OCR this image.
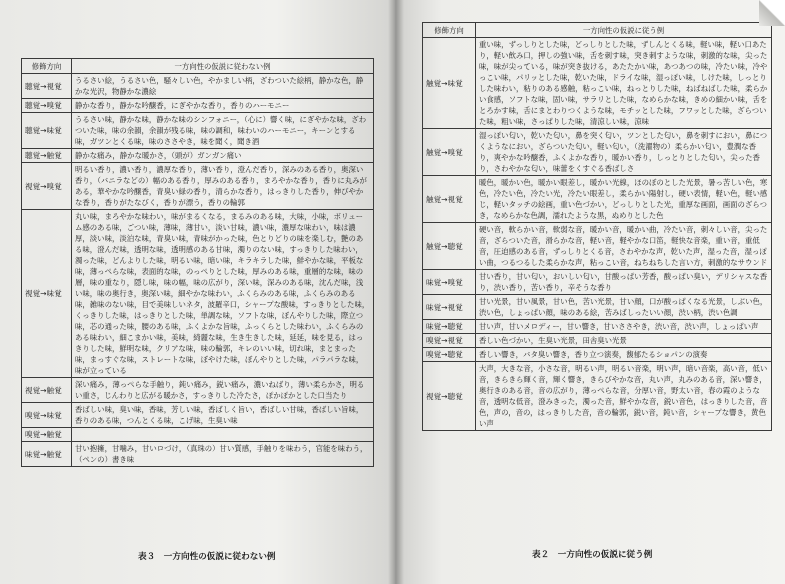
修飾方向	一方向性の仮説に従わない例
聴覚→視覚	うるさい絵，うるさい色，騒々しい色，やかましい柄，ざわついた絵柄，静かな色，静かな光沢，物静かな濃絵
聴覚→嗅覚	静かな香り，静かな吟醸香，にぎやかな香り，香りのハーモニー
聴覚→味覚	うるさい味，静かな味，静かな味のシンフォニー，（心に）響く味，にぎやかな味，ざわついた味，味の余韻，余韻が残る味，味の調和，味わいのハーモニー，キーンとする味，ガツンとくる味，味のささやき，味を聞く，聞き酒
聴覚→触覚	静かな痛み，静かな暖かさ，（頭が）ガンガン痛い
視覚→嗅覚	明るい香り，濃い香り，濃厚な香り，薄い香り，澄んだ香り，深みのある香り，奥深い香り，（バニラなどの）幅のある香り，厚みのある香り，まろやかな香り，香りに丸みがある，華やかな吟醸香，青臭い緑の香り，清らかな香り，はっきりした香り，伸びやかな香り，香りがたなびく，香りが漂う，香りの輪郭
視覚→味覚	丸い味，まろやかな味わい，味がまるくなる，まるみのある味，大味，小味，ボリューム感のある味，ごつい味，薄味，薄甘い，淡い甘味，濃い味，濃厚な味わい，味は濃厚，淡い味，淡泊な味，青臭い味，青味がかった味，色とりどりの味を楽しむ，艶のある味，澄んだ味，透明な味，透明感のある甘味，濁りのない味，すっきりした味わい，濁った味，どんよりした味，明るい味，暗い味，キラキラした味，鮮やかな味，平板な味，薄っぺらな味，表面的な味，のっぺりとした味，厚みのある味，重層的な味，味の層，味の重なり，隠し味，味の幅，味の広がり，深い味，深みのある味，沈んだ味，浅い味，味の奥行き，奥深い味，細やかな味わい，ふくらみのある味，ふくらみのある味，雑味のない味，目で美味しいネタ，波羅辛口，シャープな酸味，すっきりとした味，くっきりした味，はっきりとした味，単調な味，ソフトな味，ぼんやりした味，際立つ味，芯の通った味，腰のある味，ふくよかな旨味，ふっくらとした味わい，ふくらみのある味わい，細こまかい味，美味，綺麗な味，生き生きした味，延延，味を見る，はっきりした味，鮮明な味，クリアな味，味の輪郭，キレのいい味，切れ味，まとまった味，まっすぐな味，ストレートな味，ぼやけた味，ぼんやりとした味，パラパラな味，味が立っている
視覚→触覚	深い痛み，薄っぺらな手触り，鈍い痛み，鋭い痛み，濃いねばり，薄い柔らかさ，明るい重さ，じんわりと広がる暖かさ，すっきりした冷たさ，ぽかぽかとした口当たり
嗅覚→味覚	香ばしい味，臭い味，香味，芳しい味，香ばしく旨い，香ばしい甘味，香ばしい旨味，香りのある味，つんとくる味，こげ味，生臭い味
嗅覚→触覚	
味覚→触覚	甘い抱擁，甘噛み，甘いロづけ，（真珠の）甘い質感，手触りを味わう，官能を味わう，（ペンの）書き味
表３　一方向性の仮説に従わない例
修飾方向	一方向性の仮説に従う例
触覚→味覚	重い味，ずっしりとした味，どっしりとした味，ずしんとくる味，軽い味，軽い口あたり，軽い飲み口，押しの強い味，舌を刺す味，突き刺すような味，刺激的な味，尖った味，味が尖っている，味が突き抜ける，あたたかい味，あつあつの味，冷たい味，冷やっこい味，パリッとした味，乾いた味，ドライな味，湿っぽい味，しけた味，しっとりした味わい，粘りのある感触，粘っこい味，ねっとりした味，ねばねばした味，柔らかい食感，ソフトな味，固い味，サラリとした味，なめらかな味，きめの細かい味，舌をとろかす味，舌にまとわりつくような味，モチッとした味，フワッとした味，ざらついた味，粗い味，さっぱりした味，清涼しい味，涼味
触覚→嗅覚	湿っぽい匂い，乾いた匂い，鼻を突く匂い，ツンとした匂い，鼻を刺すにおい，鼻につくようなにおい，ざらついた匂い，軽い匂い，（洗濯物の）柔らかい匂い，豊潤な香り，爽やかな吟醸香，ふくよかな香り，暖かい香り，しっとりとした匂い，尖った香り，さわやかな匂い，味蕾をくすぐる香ばしさ
触覚→視覚	暖色，暖かい色，暖かい眼差し，暖かい光線，ほのぼのとした光景，暑っ苦しい色，寒色，冷たい色，冷たい光，冷たい眼差し，柔らかい陽射し，硬い表情，軽い色，軽い感じ，軽いタッチの絵画，重い色づかい，どっしりとした光，重厚な画面，画面のざらつき，なめらかな色調，濡れたような黒，ぬめりとした色
触覚→聴覚	硬い音，軟らかい音，軟弱な音，暖かい音，暖かい曲，冷たい音，刺々しい音，尖った音，ざらついた音，滑らかな音，軽い音，軽やかな口笛，軽快な音楽，重い音，重低音，圧迫感のある音，ずっしりとくる音，さわやかな声，乾いた声，湿った音，湿っぽい曲，つるつるした柔らかな声，粘っこい音，ねちねちした言い方，刺激的なサウンド
味覚→嗅覚	甘い香り，甘い匂い，おいしい匂い，甘酸っぱい芳香，酸っぱい臭い，デリシャスな香り，渋い香り，苦い香り，辛そうな香り
味覚→視覚	甘い光景，甘い風景，甘い色，苦い光景，甘い顔，口が酸っぱくなる光景，しぶい色，渋い色，しょっぱい顔，味のある絵，苦みばしったいい顔，渋い柄，渋い色調
味覚→聴覚	甘い声，甘いメロディー，甘い響き，甘いささやき，渋い音，渋い声，しょっぱい声
嗅覚→視覚	香しい色づかい，生臭い光景，田舎臭い光景
嗅覚→聴覚	香しい響き，バタ臭い響き，香り立つ演奏，馥郁たるショパンの演奏
視覚→聴覚	大声，大きな音，小さな音，明るい声，明るい音楽，明い声，暗い音楽，高い音，低い音，きらきら輝く音，輝く響き，きらびやかな音，丸い声，丸みのある音，深い響き，奥行きのある音，音の広がり，薄っぺらな音，分厚い音，野太い音，春の霞のような音，透明な低音，澄みきった，濁った音，鮮やかな音，鋭い音色，はっきりした音，音色，声の，音の，はっきりした音，音の輪郭，鋭い音，鈍い音，シャープな響き，黄色い声
表２　一方向性の仮説に従う例
